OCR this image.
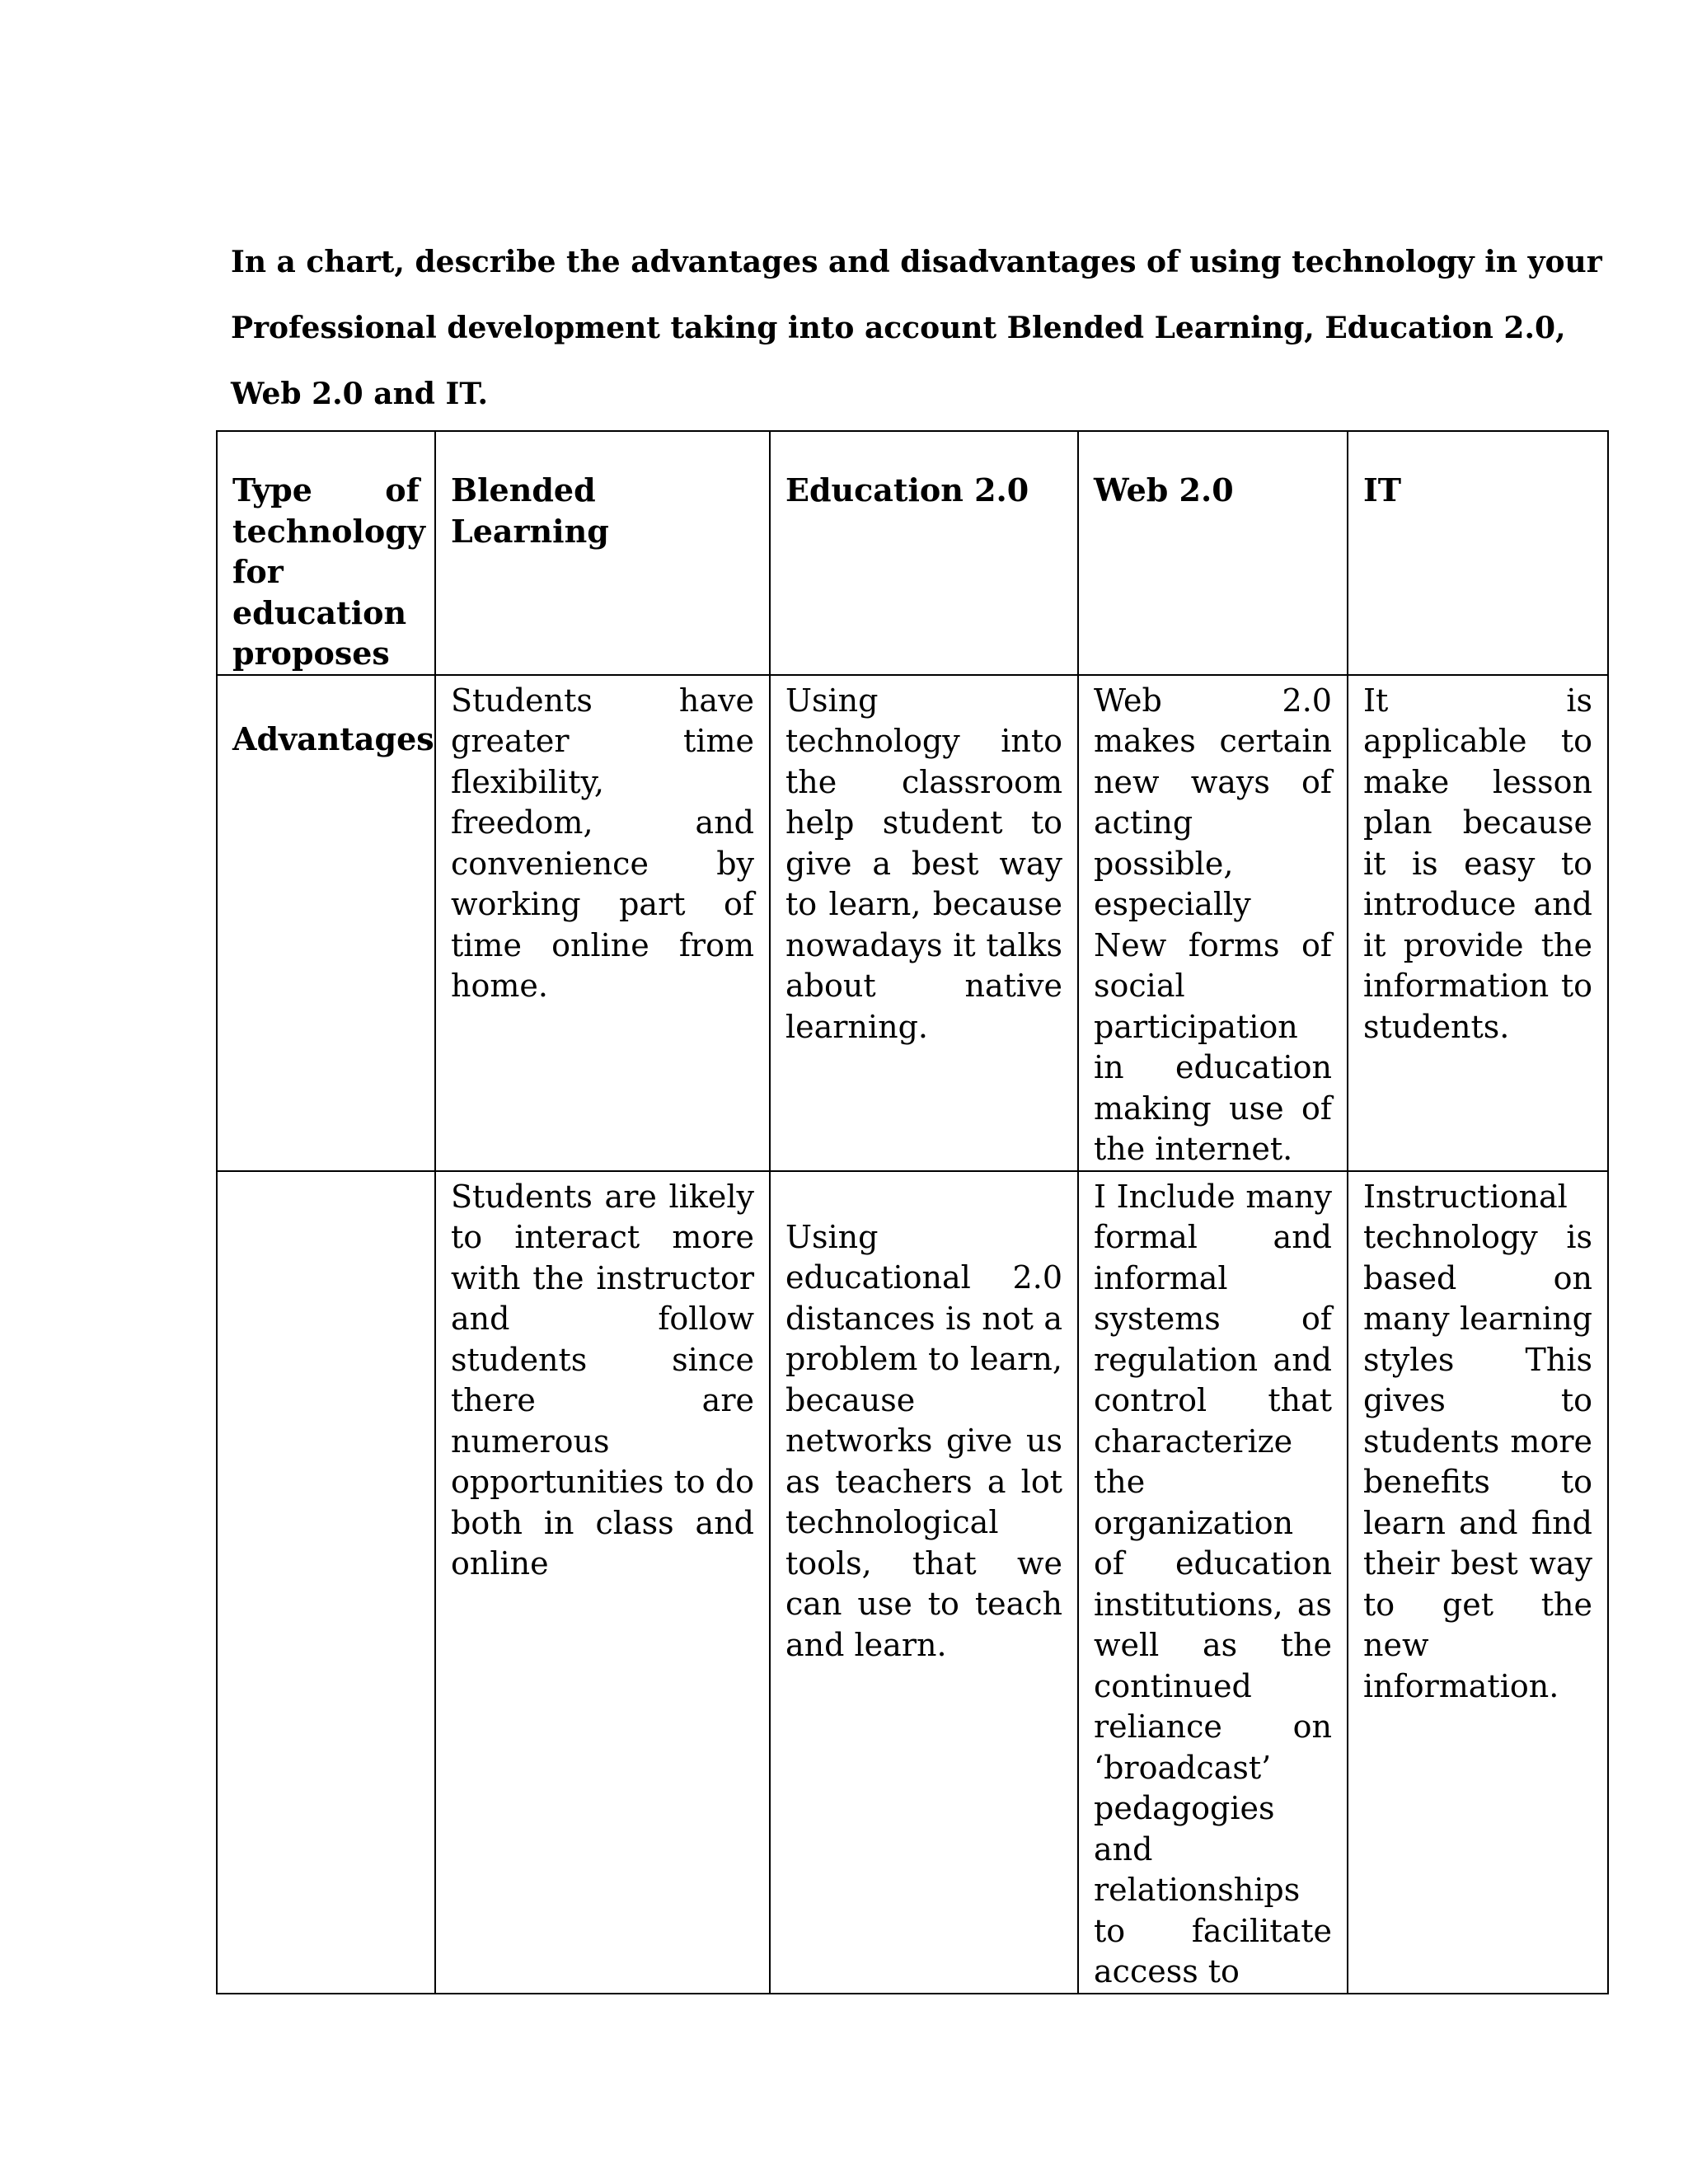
In a chart, describe the advantages and disadvantages of using technology in your

Professional development taking into account Blended Learning, Education 2.0,

Web 2.0 and IT.

Type of technology for education proposes	Blended Learning	Education 2.0	Web 2.0	IT
Advantages	Students have greater time flexibility, freedom, and convenience by working part of time online from home.	Using technology into the classroom help student to give a best way to learn, because nowadays it talks about native learning.	Web 2.0 makes certain new ways of acting possible, especially New forms of social participation in education making use of the internet.	It is applicable to make lesson plan because it is easy to introduce and it provide the information to students.
	Students are likely to interact more with the instructor and follow students since there are numerous opportunities to do both in class and online	Using educational 2.0 distances is not a problem to learn, because networks give us as teachers a lot technological tools, that we can use to teach and learn.	I Include many formal and informal systems of regulation and control that characterize the organization of education institutions, as well as the continued reliance on ‘broadcast’ pedagogies and relationships to facilitate access to	Instructional technology is based on many learning styles This gives to students more benefits to learn and find their best way to get the new information.
